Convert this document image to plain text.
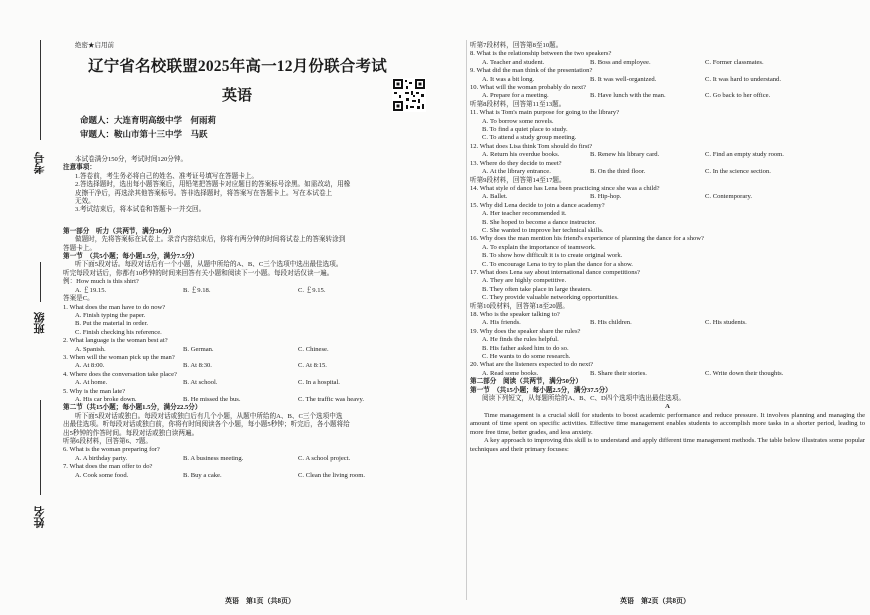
考号
班级
姓名
绝密★启用前
辽宁省名校联盟2025年高一12月份联合考试
英语
命题人：大连育明高级中学　何雨莉
审题人：鞍山市第十三中学　马跃

本试卷满分150分，考试时间120分钟。

注意事项：

1.答卷前，考生务必将自己的姓名、准考证号填写在答题卡上。

2.答选择题时，选出每小题答案后，用铅笔把答题卡对应题目的答案标号涂黑。如需改动，用橡

皮擦干净后，再选涂其他答案标号。答非选择题时，将答案写在答题卡上。写在本试卷上

无效。

3.考试结束后，将本试卷和答题卡一并交回。

第一部分　听力（共两节，满分30分）

做题时，先将答案标在试卷上。录音内容结束后，你将有两分钟的时间将试卷上的答案转涂到

答题卡上。

第一节　（共5小题；每小题1.5分，满分7.5分）

听下面5段对话。每段对话后有一个小题，从题中所给的A、B、C三个选项中选出最佳选项。

听完每段对话后，你都有10秒钟的时间来回答有关小题和阅读下一小题。每段对话仅读一遍。

例：How much is this shirt?

A. ￡19.15.	B. ￡9.18.	C. ￡9.15.

答案是C。

1. What does the man have to do now?

A. Finish typing the paper.

B. Put the material in order.

C. Finish checking his reference.

2. What language is the woman best at?

A. Spanish.	B. German.	C. Chinese.

3. When will the woman pick up the man?

A. At 8:00.	B. At 8:30.	C. At 8:15.

4. Where does the conversation take place?

A. At home.	B. At school.	C. In a hospital.

5. Why is the man late?

A. His car broke down.	B. He missed the bus.	C. The traffic was heavy.

第二节（共15小题；每小题1.5分，满分22.5分）

听下面5段对话或独白。每段对话或独白后有几个小题，从题中所给的A、B、C三个选项中选

出最佳选项。听每段对话或独白前，你将有时间阅读各个小题，每小题5秒钟；听完后，各小题将给

出5秒钟的作答时间。每段对话或独白读两遍。

听第6段材料，回答第6、7题。

6. What is the woman preparing for?

A. A birthday party.	B. A business meeting.	C. A school project.

7. What does the man offer to do?

A. Cook some food.	B. Buy a cake.	C. Clean the living room.

听第7段材料，回答第8至10题。

8. What is the relationship between the two speakers?

A. Teacher and student.	B. Boss and employee.	C. Former classmates.

9. What did the man think of the presentation?

A. It was a bit long.	B. It was well-organized.	C. It was hard to understand.

10. What will the woman probably do next?

A. Prepare for a meeting.	B. Have lunch with the man.	C. Go back to her office.

听第8段材料，回答第11至13题。

11. What is Tom's main purpose for going to the library?

A. To borrow some novels.

B. To find a quiet place to study.

C. To attend a study group meeting.

12. What does Lisa think Tom should do first?

A. Return his overdue books.	B. Renew his library card.	C. Find an empty study room.

13. Where do they decide to meet?

A. At the library entrance.	B. On the third floor.	C. In the science section.

听第9段材料，回答第14至17题。

14. What style of dance has Lena been practicing since she was a child?

A. Ballet.	B. Hip-hop.	C. Contemporary.

15. Why did Lena decide to join a dance academy?

A. Her teacher recommended it.

B. She hoped to become a dance instructor.

C. She wanted to improve her technical skills.

16. Why does the man mention his friend's experience of planning the dance for a show?

A. To explain the importance of teamwork.

B. To show how difficult it is to create original work.

C. To encourage Lena to try to plan the dance for a show.

17. What does Lena say about international dance competitions?

A. They are highly competitive.

B. They often take place in large theaters.

C. They provide valuable networking opportunities.

听第10段材料，回答第18至20题。

18. Who is the speaker talking to?

A. His friends.	B. His children.	C. His students.

19. Why does the speaker share the rules?

A. He finds the rules helpful.

B. His father asked him to do so.

C. He wants to do some research.

20. What are the listeners expected to do next?

A. Read some books.	B. Share their stories.	C. Write down their thoughts.

第二部分　阅读（共两节，满分50分）

第一节　（共15小题；每小题2.5分，满分37.5分）

阅读下列短文，从每题所给的A、B、C、D四个选项中选出最佳选项。

A

Time management is a crucial skill for students to boost academic performance and reduce pressure. It involves planning and managing the amount of time spent on specific activities. Effective time management enables students to accomplish more tasks in a shorter period, leading to more free time, better grades, and less anxiety.

A key approach to improving this skill is to understand and apply different time management methods. The table below illustrates some popular techniques and their primary focuses:

英语　第1页（共8页）	英语　第2页（共8页）
